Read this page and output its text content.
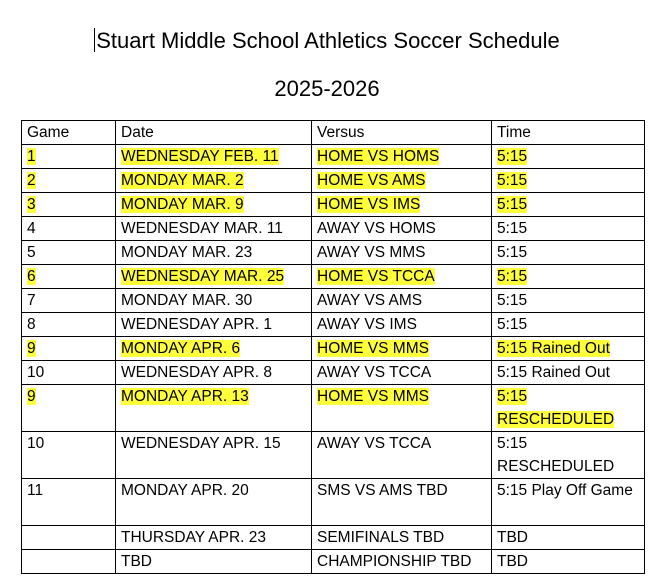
Stuart Middle School Athletics Soccer Schedule
2025-2026
Game	Date	Versus	Time
1	WEDNESDAY FEB. 11	HOME VS HOMS	5:15
2	MONDAY MAR. 2	HOME VS AMS	5:15
3	MONDAY MAR. 9	HOME VS IMS	5:15
4	WEDNESDAY MAR. 11	AWAY VS HOMS	5:15
5	MONDAY MAR. 23	AWAY VS MMS	5:15
6	WEDNESDAY MAR. 25	HOME VS TCCA	5:15
7	MONDAY MAR. 30	AWAY VS AMS	5:15
8	WEDNESDAY APR. 1	AWAY VS IMS	5:15
9	MONDAY APR. 6	HOME VS MMS	5:15 Rained Out
10	WEDNESDAY APR. 8	AWAY VS TCCA	5:15 Rained Out
9	MONDAY APR. 13	HOME VS MMS	5:15 RESCHEDULED
10	WEDNESDAY APR. 15	AWAY VS TCCA	5:15 RESCHEDULED
11	MONDAY APR. 20	SMS VS AMS TBD	5:15 Play Off Game
	THURSDAY APR. 23	SEMIFINALS TBD	TBD
	TBD	CHAMPIONSHIP TBD	TBD
